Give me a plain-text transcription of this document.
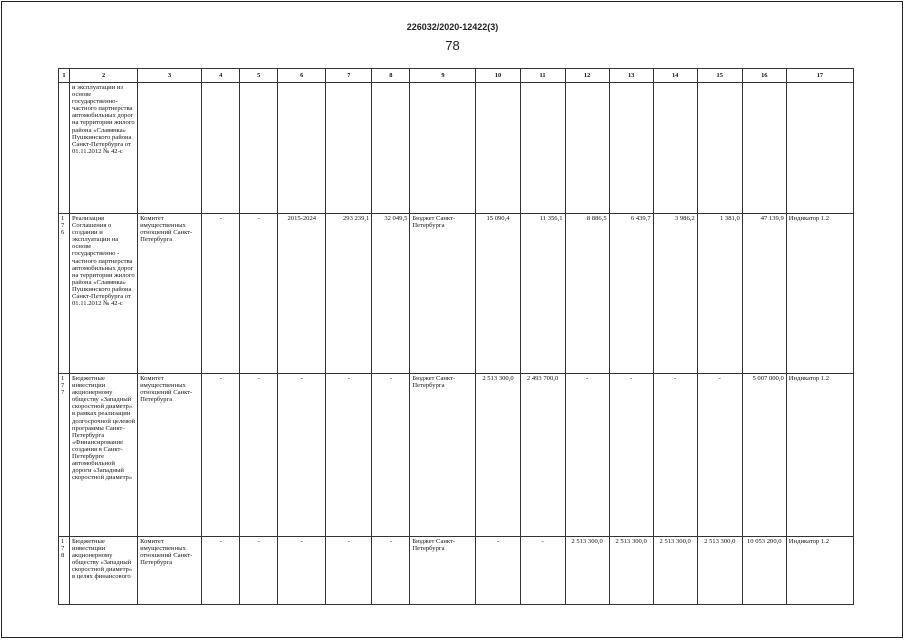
226032/2020-12422(3)
78
1	2	3	4	5	6	7	8	9	10	11	12	13	14	15	16	17
	и эксплуатации из основе государственно-частного партнерства автомобильных дорог на территории жилого района «Славянка» Пушкинского района Санкт-Петербурга от 01.11.2012 № 42-с															
176	Реализация Соглашения о создании и эксплуатации на основе государственно - частного партнерства автомобильных дорог на территории жилого района «Славянка» Пушкинского района Санкт-Петербурга от 01.11.2012 № 42-с	Комитет имущественных отношений Санкт-Петербурга	-	-	2015-2024	293 239,1	32 049,5	Бюджет Санкт-Петербурга	15 090,4	11 356,1	8 886,5	6 439,7	3 986,2	1 381,0	47 139,9	Индикатор 1.2
177	Бюджетные инвестиции акционерному обществу «Западный скоростной диаметр» в рамках реализации долгосрочной целевой программы Санкт-Петербурга «Финансирование создания в Санкт-Петербурге автомобильной дороги «Западный скоростной диаметр»	Комитет имущественных отношений Санкт-Петербурга	-	-	-	-	-	Бюджет Санкт-Петербурга	2 513 300,0	2 493 700,0	-	-	-	-	5 007 000,0	Индикатор 1.2
178	Бюджетные инвестиции акционерному обществу «Западный скоростной диаметр» в целях финансового	Комитет имущественных отношений Санкт-Петербурга	-	-	-	-	-	Бюджет Санкт-Петербурга	-	-	2 513 300,0	2 513 300,0	2 513 300,0	2 513 300,0	10 053 200,0	Индикатор 1.2
